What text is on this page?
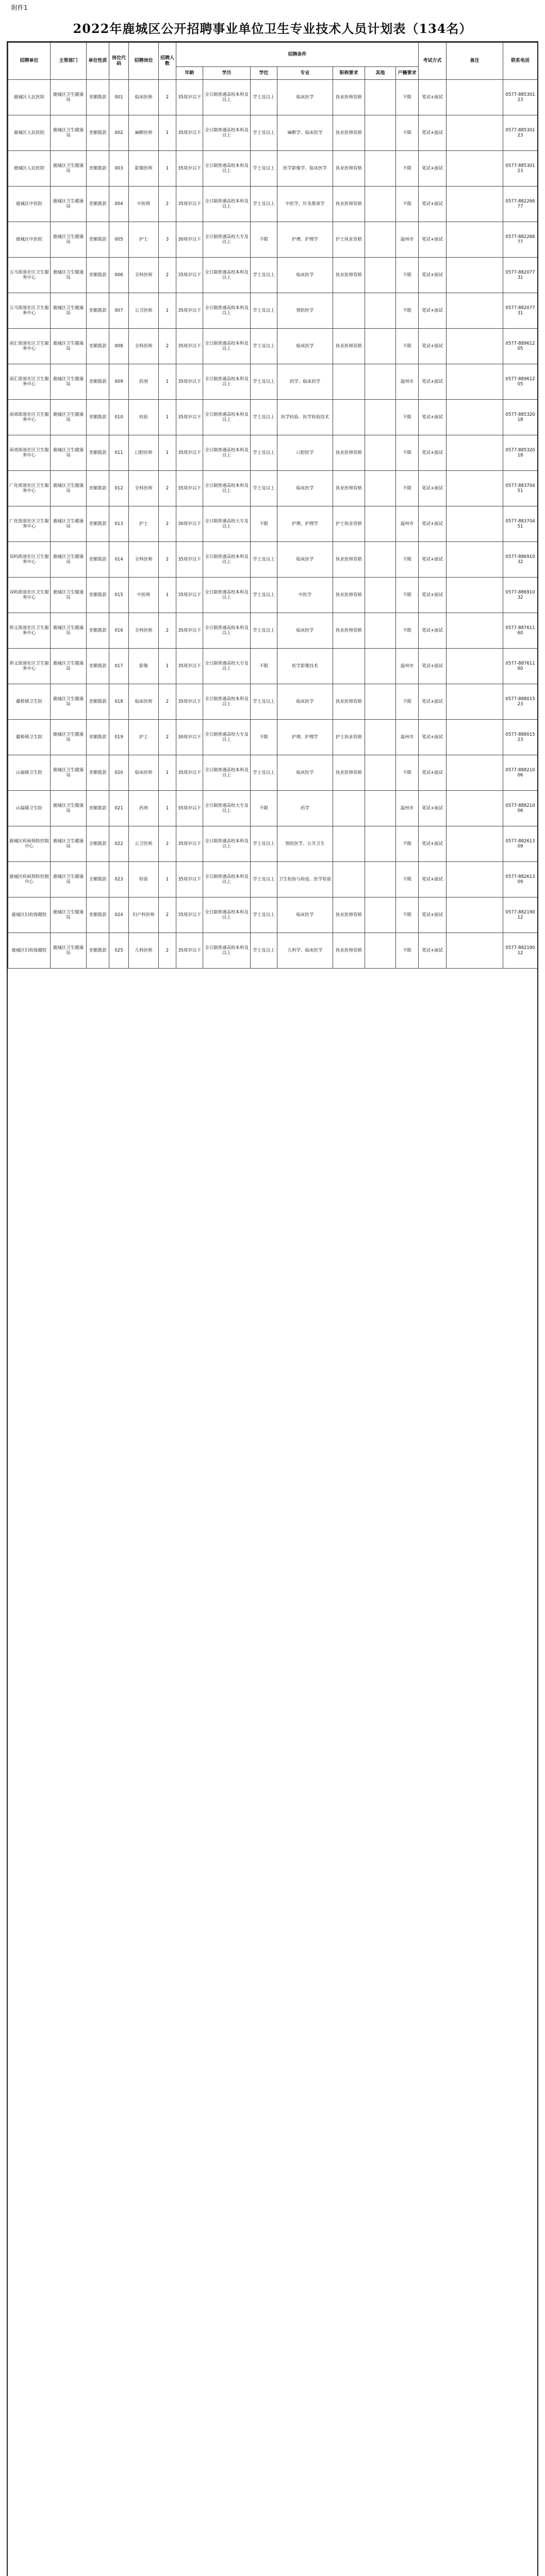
附件1
2022年鹿城区公开招聘事业单位卫生专业技术人员计划表（134名）
招聘单位	主管部门	单位性质	岗位代码	招聘岗位	招聘人数	招聘条件							考试方式	备注	联系电话
						年龄	学历	学位	专业	职称要求	其他	户籍要求			
鹿城区人民医院	鹿城区卫生健康局	差额拨款	001	临床医师	2	35周岁以下	全日制普通高校本科及以上	学士及以上	临床医学	执业医师资格		不限	笔试+面试		0577-88530123
鹿城区人民医院	鹿城区卫生健康局	差额拨款	002	麻醉医师	1	35周岁以下	全日制普通高校本科及以上	学士及以上	麻醉学、临床医学	执业医师资格		不限	笔试+面试		0577-88530123
鹿城区人民医院	鹿城区卫生健康局	差额拨款	003	影像医师	1	35周岁以下	全日制普通高校本科及以上	学士及以上	医学影像学、临床医学	执业医师资格		不限	笔试+面试		0577-88530123
鹿城区中医院	鹿城区卫生健康局	差额拨款	004	中医师	2	35周岁以下	全日制普通高校本科及以上	学士及以上	中医学、针灸推拿学	执业医师资格		不限	笔试+面试		0577-88226677
鹿城区中医院	鹿城区卫生健康局	差额拨款	005	护士	3	30周岁以下	全日制普通高校大专及以上	不限	护理、护理学	护士执业资格		温州市	笔试+面试		0577-88226677
五马街道社区卫生服务中心	鹿城区卫生健康局	差额拨款	006	全科医师	2	35周岁以下	全日制普通高校本科及以上	学士及以上	临床医学	执业医师资格		不限	笔试+面试		0577-88207731
五马街道社区卫生服务中心	鹿城区卫生健康局	差额拨款	007	公卫医师	1	35周岁以下	全日制普通高校本科及以上	学士及以上	预防医学			不限	笔试+面试		0577-88207731
南汇街道社区卫生服务中心	鹿城区卫生健康局	差额拨款	008	全科医师	2	35周岁以下	全日制普通高校本科及以上	学士及以上	临床医学	执业医师资格		不限	笔试+面试		0577-88961205
南汇街道社区卫生服务中心	鹿城区卫生健康局	差额拨款	009	药剂	1	35周岁以下	全日制普通高校本科及以上	学士及以上	药学、临床药学			温州市	笔试+面试		0577-88961205
南郊街道社区卫生服务中心	鹿城区卫生健康局	差额拨款	010	检验	1	35周岁以下	全日制普通高校本科及以上	学士及以上	医学检验、医学检验技术			不限	笔试+面试		0577-88532018
南郊街道社区卫生服务中心	鹿城区卫生健康局	差额拨款	011	口腔医师	1	35周岁以下	全日制普通高校本科及以上	学士及以上	口腔医学	执业医师资格		不限	笔试+面试		0577-88532018
广化街道社区卫生服务中心	鹿城区卫生健康局	差额拨款	012	全科医师	2	35周岁以下	全日制普通高校本科及以上	学士及以上	临床医学	执业医师资格		不限	笔试+面试		0577-88370451
广化街道社区卫生服务中心	鹿城区卫生健康局	差额拨款	013	护士	2	30周岁以下	全日制普通高校大专及以上	不限	护理、护理学	护士执业资格		温州市	笔试+面试		0577-88370451
双屿街道社区卫生服务中心	鹿城区卫生健康局	差额拨款	014	全科医师	2	35周岁以下	全日制普通高校本科及以上	学士及以上	临床医学	执业医师资格		不限	笔试+面试		0577-88691032
双屿街道社区卫生服务中心	鹿城区卫生健康局	差额拨款	015	中医师	1	35周岁以下	全日制普通高校本科及以上	学士及以上	中医学	执业医师资格		不限	笔试+面试		0577-88691032
仰义街道社区卫生服务中心	鹿城区卫生健康局	差额拨款	016	全科医师	2	35周岁以下	全日制普通高校本科及以上	学士及以上	临床医学	执业医师资格		不限	笔试+面试		0577-88761160
仰义街道社区卫生服务中心	鹿城区卫生健康局	差额拨款	017	影像	1	35周岁以下	全日制普通高校大专及以上	不限	医学影像技术			温州市	笔试+面试		0577-88761160
藤桥镇卫生院	鹿城区卫生健康局	差额拨款	018	临床医师	2	35周岁以下	全日制普通高校本科及以上	学士及以上	临床医学	执业医师资格		不限	笔试+面试		0577-88801523
藤桥镇卫生院	鹿城区卫生健康局	差额拨款	019	护士	2	30周岁以下	全日制普通高校大专及以上	不限	护理、护理学	护士执业资格		温州市	笔试+面试		0577-88801523
山福镇卫生院	鹿城区卫生健康局	差额拨款	020	临床医师	1	35周岁以下	全日制普通高校本科及以上	学士及以上	临床医学	执业医师资格		不限	笔试+面试		0577-88821006
山福镇卫生院	鹿城区卫生健康局	差额拨款	021	药剂	1	35周岁以下	全日制普通高校大专及以上	不限	药学			温州市	笔试+面试		0577-88821006
鹿城区疾病预防控制中心	鹿城区卫生健康局	全额拨款	022	公卫医师	2	35周岁以下	全日制普通高校本科及以上	学士及以上	预防医学、公共卫生			不限	笔试+面试		0577-88261309
鹿城区疾病预防控制中心	鹿城区卫生健康局	全额拨款	023	检验	1	35周岁以下	全日制普通高校本科及以上	学士及以上	卫生检验与检疫、医学检验			不限	笔试+面试		0577-88261309
鹿城区妇幼保健院	鹿城区卫生健康局	差额拨款	024	妇产科医师	2	35周岁以下	全日制普通高校本科及以上	学士及以上	临床医学	执业医师资格		不限	笔试+面试		0577-88219012
鹿城区妇幼保健院	鹿城区卫生健康局	差额拨款	025	儿科医师	2	35周岁以下	全日制普通高校本科及以上	学士及以上	儿科学、临床医学	执业医师资格		不限	笔试+面试		0577-88219012
